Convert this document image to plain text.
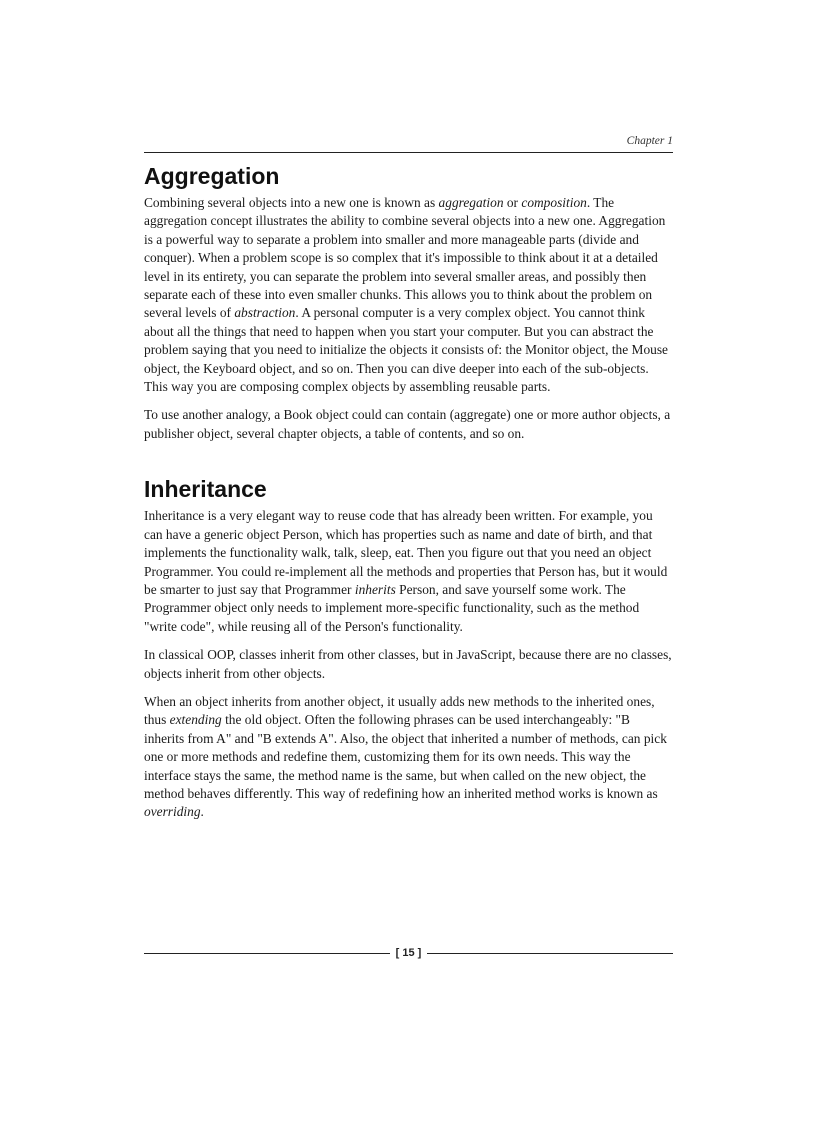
Chapter 1
Aggregation

Combining several objects into a new one is known as aggregation or composition. The aggregation concept illustrates the ability to combine several objects into a new one. Aggregation is a powerful way to separate a problem into smaller and more manageable parts (divide and conquer). When a problem scope is so complex that it's impossible to think about it at a detailed level in its entirety, you can separate the problem into several smaller areas, and possibly then separate each of these into even smaller chunks. This allows you to think about the problem on several levels of abstraction. A personal computer is a very complex object. You cannot think about all the things that need to happen when you start your computer. But you can abstract the problem saying that you need to initialize the objects it consists of: the Monitor object, the Mouse object, the Keyboard object, and so on. Then you can dive deeper into each of the sub-objects. This way you are composing complex objects by assembling reusable parts.

To use another analogy, a Book object could can contain (aggregate) one or more author objects, a publisher object, several chapter objects, a table of contents, and so on.

Inheritance

Inheritance is a very elegant way to reuse code that has already been written. For example, you can have a generic object Person, which has properties such as name and date of birth, and that implements the functionality walk, talk, sleep, eat. Then you figure out that you need an object Programmer. You could re-implement all the methods and properties that Person has, but it would be smarter to just say that Programmer inherits Person, and save yourself some work. The Programmer object only needs to implement more-specific functionality, such as the method "write code", while reusing all of the Person's functionality.

In classical OOP, classes inherit from other classes, but in JavaScript, because there are no classes, objects inherit from other objects.

When an object inherits from another object, it usually adds new methods to the inherited ones, thus extending the old object. Often the following phrases can be used interchangeably: "B inherits from A" and "B extends A". Also, the object that inherited a number of methods, can pick one or more methods and redefine them, customizing them for its own needs. This way the interface stays the same, the method name is the same, but when called on the new object, the method behaves differently. This way of redefining how an inherited method works is known as overriding.

[ 15 ]
